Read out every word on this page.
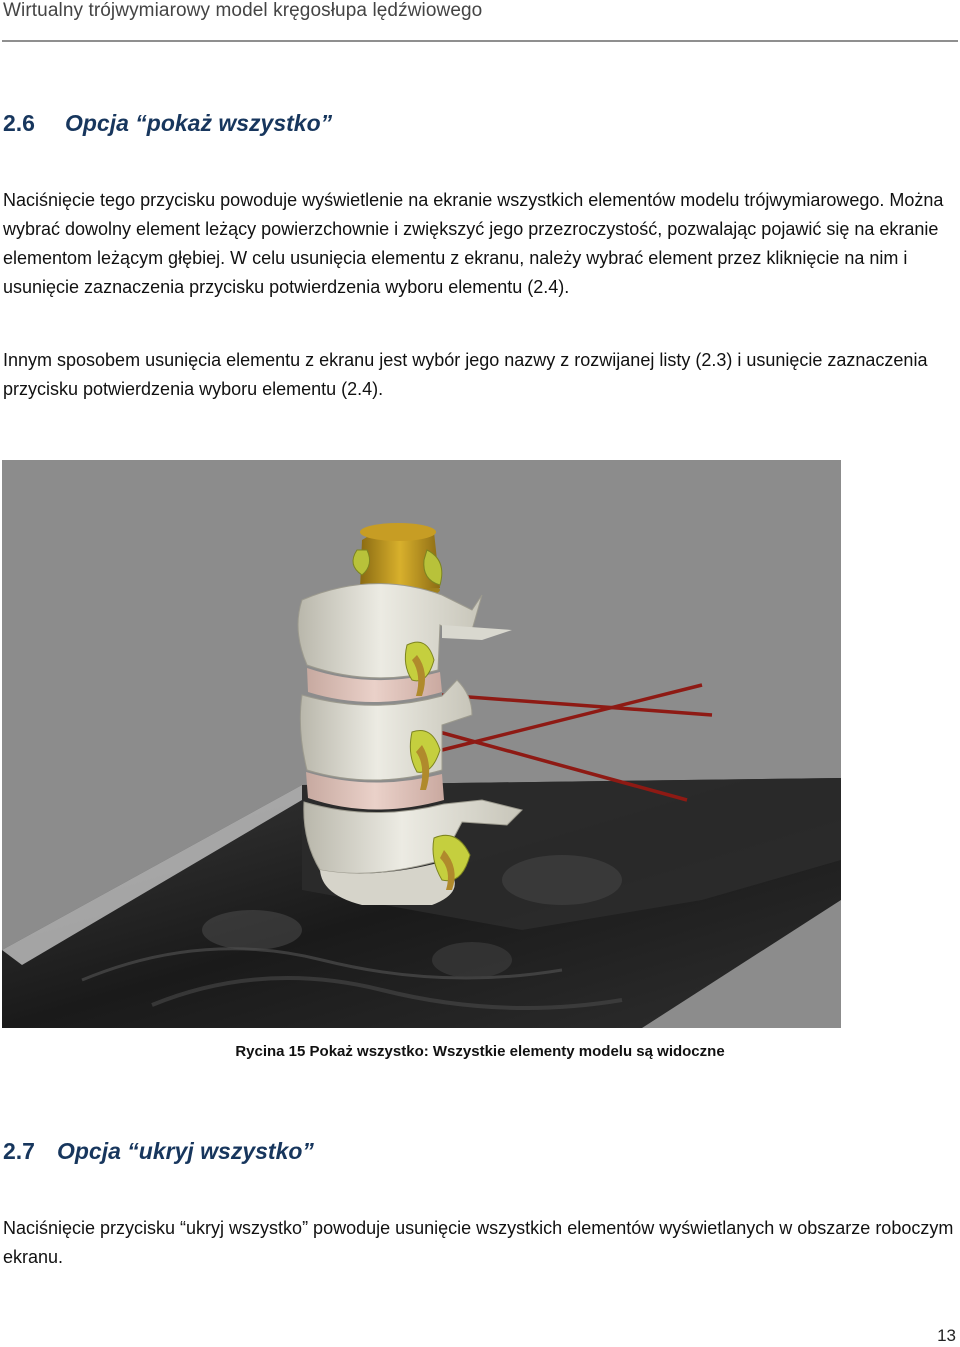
Wirtualny trójwymiarowy model kręgosłupa lędźwiowego
2.6 Opcja “pokaż wszystko”
Naciśnięcie tego przycisku powoduje wyświetlenie na ekranie wszystkich elementów modelu trójwymiarowego. Można wybrać dowolny element leżący powierzchownie i zwiększyć jego przezroczystość, pozwalając pojawić się na ekranie elementom leżącym głębiej. W celu usunięcia elementu z ekranu, należy wybrać element przez kliknięcie na nim i usunięcie zaznaczenia przycisku potwierdzenia wyboru elementu (2.4).
Innym sposobem usunięcia elementu z ekranu jest wybór jego nazwy z rozwijanej listy (2.3) i usunięcie zaznaczenia przycisku potwierdzenia wyboru elementu (2.4).
Rycina 15 Pokaż wszystko: Wszystkie elementy modelu są widoczne
2.7 Opcja “ukryj wszystko”
Naciśnięcie przycisku “ukryj wszystko” powoduje usunięcie wszystkich elementów wyświetlanych w obszarze roboczym ekranu.
13
